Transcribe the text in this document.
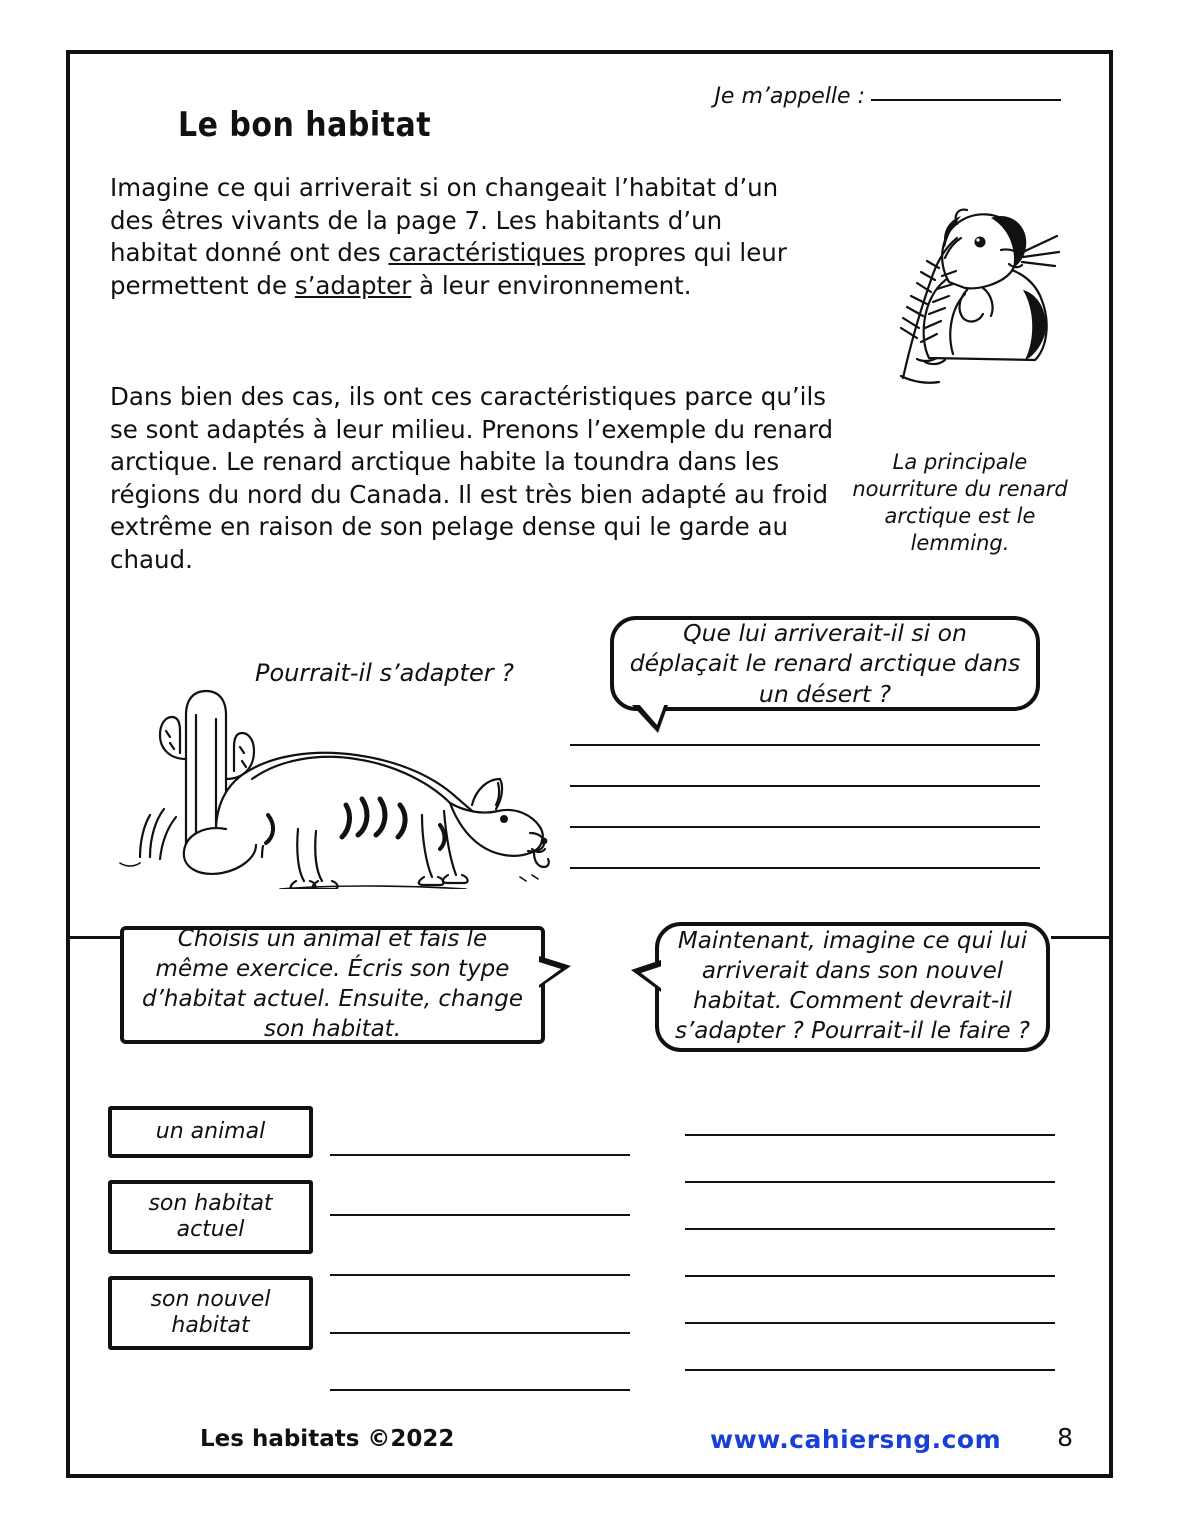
Le bon habitat
Je m’appelle :
Imagine ce qui arriverait si on changeait l’habitat d’un des êtres vivants de la page 7. Les habitants d’un habitat donné ont des caractéristiques propres qui leur permettent de s’adapter à leur environnement.
Dans bien des cas, ils ont ces caractéristiques parce qu’ils se sont adaptés à leur milieu. Prenons l’exemple du renard arctique. Le renard arctique habite la toundra dans les régions du nord du Canada. Il est très bien adapté au froid extrême en raison de son pelage dense qui le garde au chaud.
La principale nourriture du renard arctique est le lemming.
Pourrait-il s’adapter ?
Que lui arriverait-il si on déplaçait le renard arctique dans un désert ?
Choisis un animal et fais le même exercice. Écris son type d’habitat actuel. Ensuite, change son habitat.
Maintenant, imagine ce qui lui arriverait dans son nouvel habitat. Comment devrait-il s’adapter ? Pourrait-il le faire ?
un animal
son habitat actuel
son nouvel habitat
Les habitats ©2022	www.cahiersng.com 8
